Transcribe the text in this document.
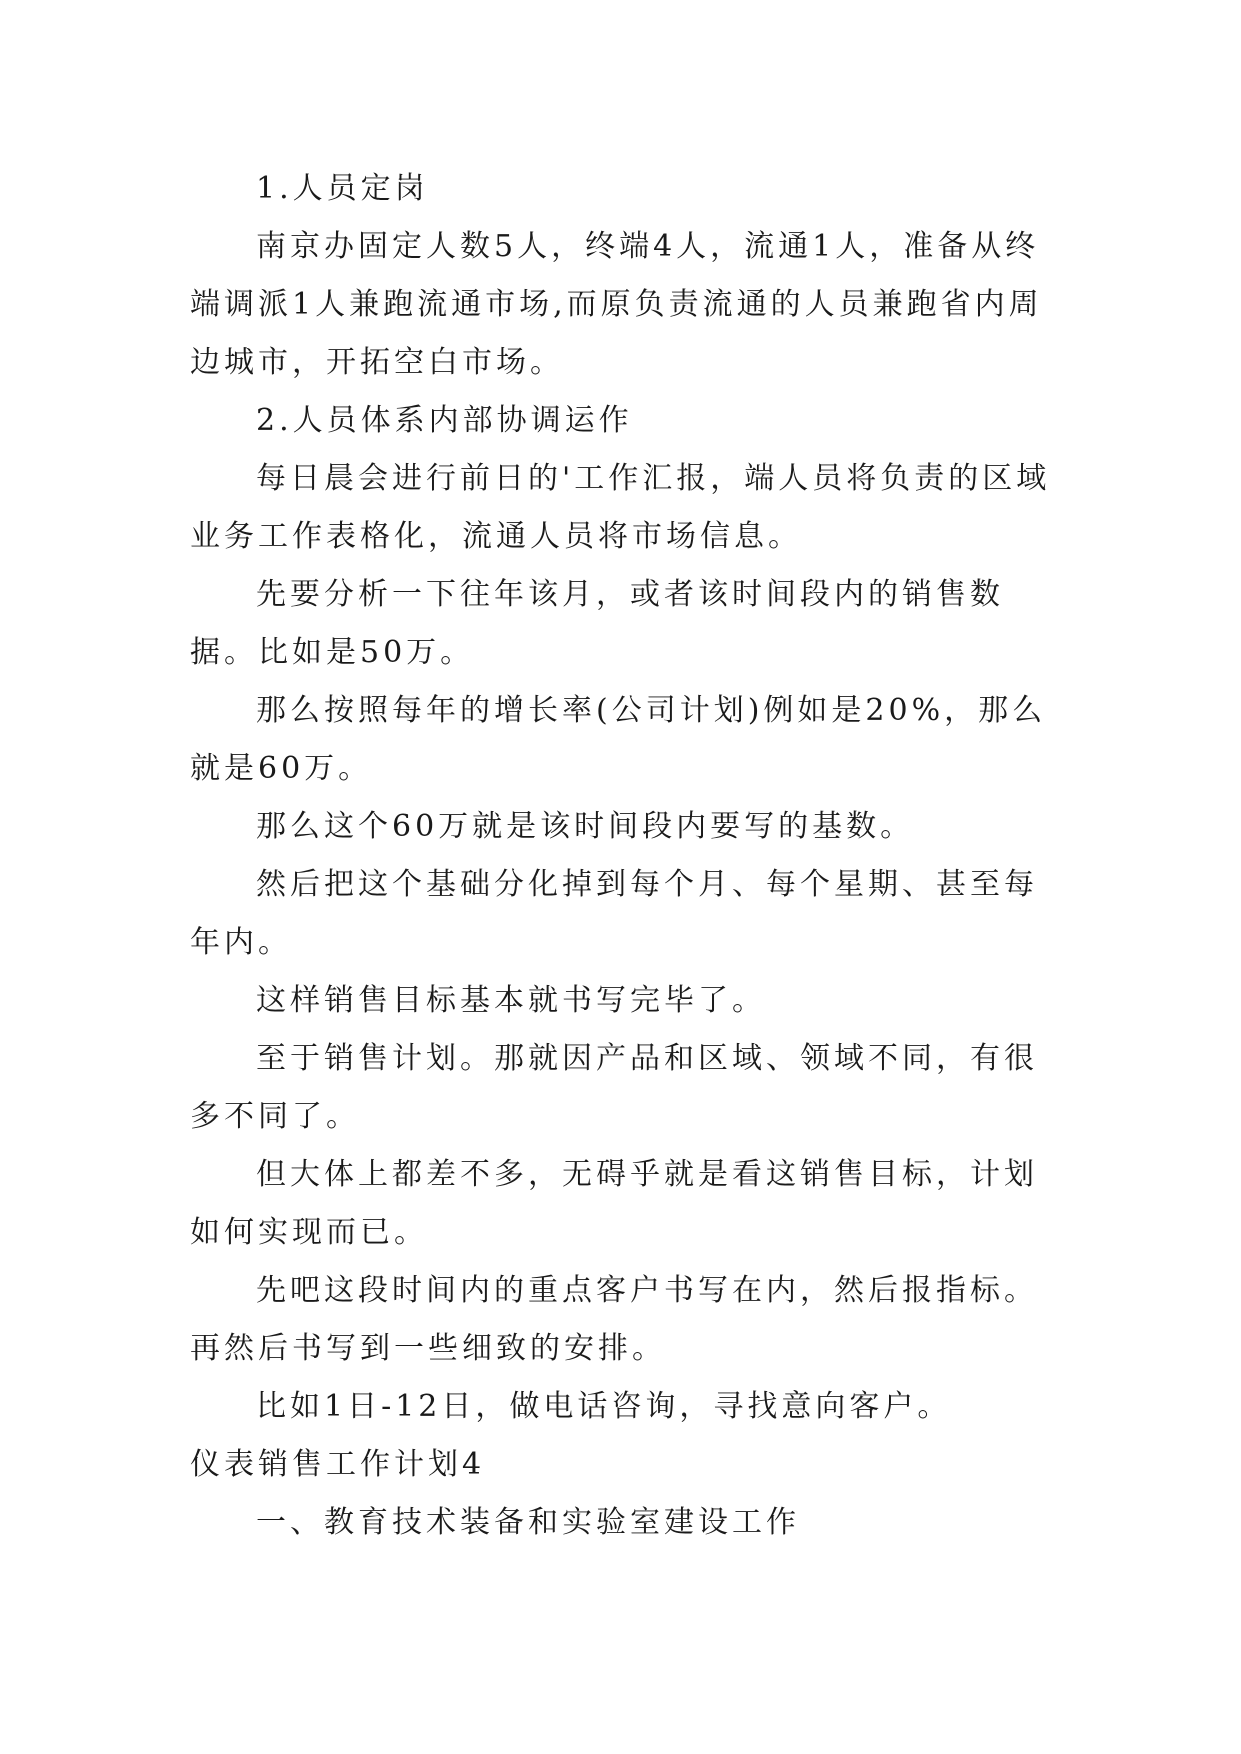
1.人员定岗

南京办固定人数5人，终端4人，流通1人，准备从终端调派1人兼跑流通市场,而原负责流通的人员兼跑省内周边城市，开拓空白市场。

2.人员体系内部协调运作

每日晨会进行前日的'工作汇报，端人员将负责的区域业务工作表格化，流通人员将市场信息。

先要分析一下往年该月，或者该时间段内的销售数据。比如是50万。

那么按照每年的增长率(公司计划)例如是20%，那么就是60万。

那么这个60万就是该时间段内要写的基数。

然后把这个基础分化掉到每个月、每个星期、甚至每年内。

这样销售目标基本就书写完毕了。

至于销售计划。那就因产品和区域、领域不同，有很多不同了。

但大体上都差不多，无碍乎就是看这销售目标，计划如何实现而已。

先吧这段时间内的重点客户书写在内，然后报指标。再然后书写到一些细致的安排。

比如1日-12日，做电话咨询，寻找意向客户。

仪表销售工作计划4

一、教育技术装备和实验室建设工作
